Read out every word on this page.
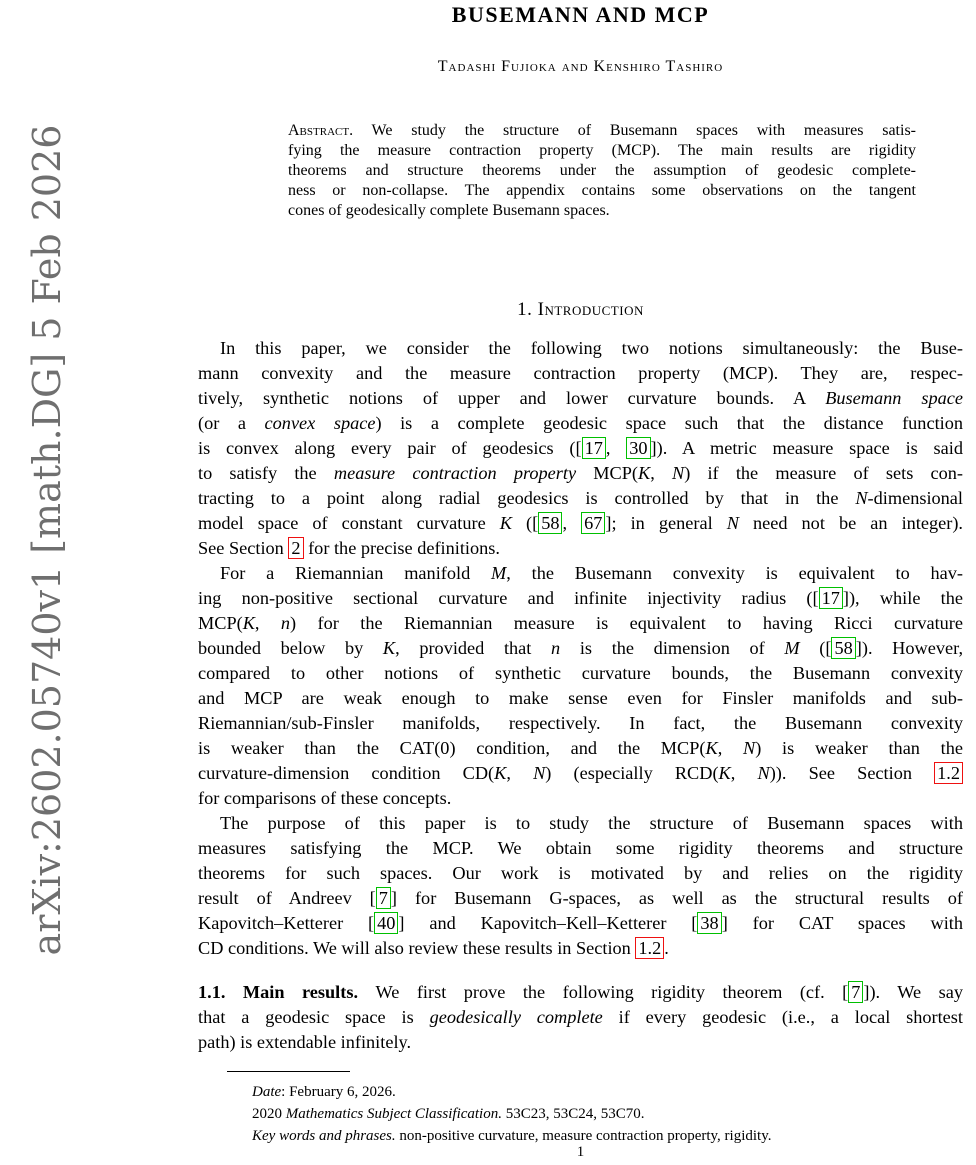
arXiv:2602.05740v1 [math.DG] 5 Feb 2026
BUSEMANN AND MCP
Tadashi Fujioka and Kenshiro Tashiro
Abstract. We study the structure of Busemann spaces with measures satis-
fying the measure contraction property (MCP). The main results are rigidity
theorems and structure theorems under the assumption of geodesic complete-
ness or non-collapse. The appendix contains some observations on the tangent
cones of geodesically complete Busemann spaces.
1. Introduction
In this paper, we consider the following two notions simultaneously: the Buse-
mann convexity and the measure contraction property (MCP). They are, respec-
tively, synthetic notions of upper and lower curvature bounds. A Busemann space
(or a convex space) is a complete geodesic space such that the distance function
is convex along every pair of geodesics ([ 17 , 30 ]). A metric measure space is said
to satisfy the measure contraction property MCP(K, N) if the measure of sets con-
tracting to a point along radial geodesics is controlled by that in the N-dimensional
model space of constant curvature K ([ 58 , 67 ]; in general N need not be an integer).
See Section 2 for the precise definitions.
For a Riemannian manifold M, the Busemann convexity is equivalent to hav-
ing non-positive sectional curvature and infinite injectivity radius ([ 17 ]), while the
MCP(K, n) for the Riemannian measure is equivalent to having Ricci curvature
bounded below by K, provided that n is the dimension of M ([ 58 ]). However,
compared to other notions of synthetic curvature bounds, the Busemann convexity
and MCP are weak enough to make sense even for Finsler manifolds and sub-
Riemannian/sub-Finsler manifolds, respectively. In fact, the Busemann convexity
is weaker than the CAT(0) condition, and the MCP(K, N) is weaker than the
curvature-dimension condition CD(K, N) (especially RCD(K, N)). See Section 1.2
for comparisons of these concepts.
The purpose of this paper is to study the structure of Busemann spaces with
measures satisfying the MCP. We obtain some rigidity theorems and structure
theorems for such spaces. Our work is motivated by and relies on the rigidity
result of Andreev [ 7 ] for Busemann G-spaces, as well as the structural results of
Kapovitch–Ketterer [ 40 ] and Kapovitch–Kell–Ketterer [ 38 ] for CAT spaces with
CD conditions. We will also review these results in Section 1.2 .
1.1. Main results. We first prove the following rigidity theorem (cf. [ 7 ]). We say
that a geodesic space is geodesically complete if every geodesic (i.e., a local shortest
path) is extendable infinitely.
Date: February 6, 2026.
2020 Mathematics Subject Classification. 53C23, 53C24, 53C70.
Key words and phrases. non-positive curvature, measure contraction property, rigidity.
1
